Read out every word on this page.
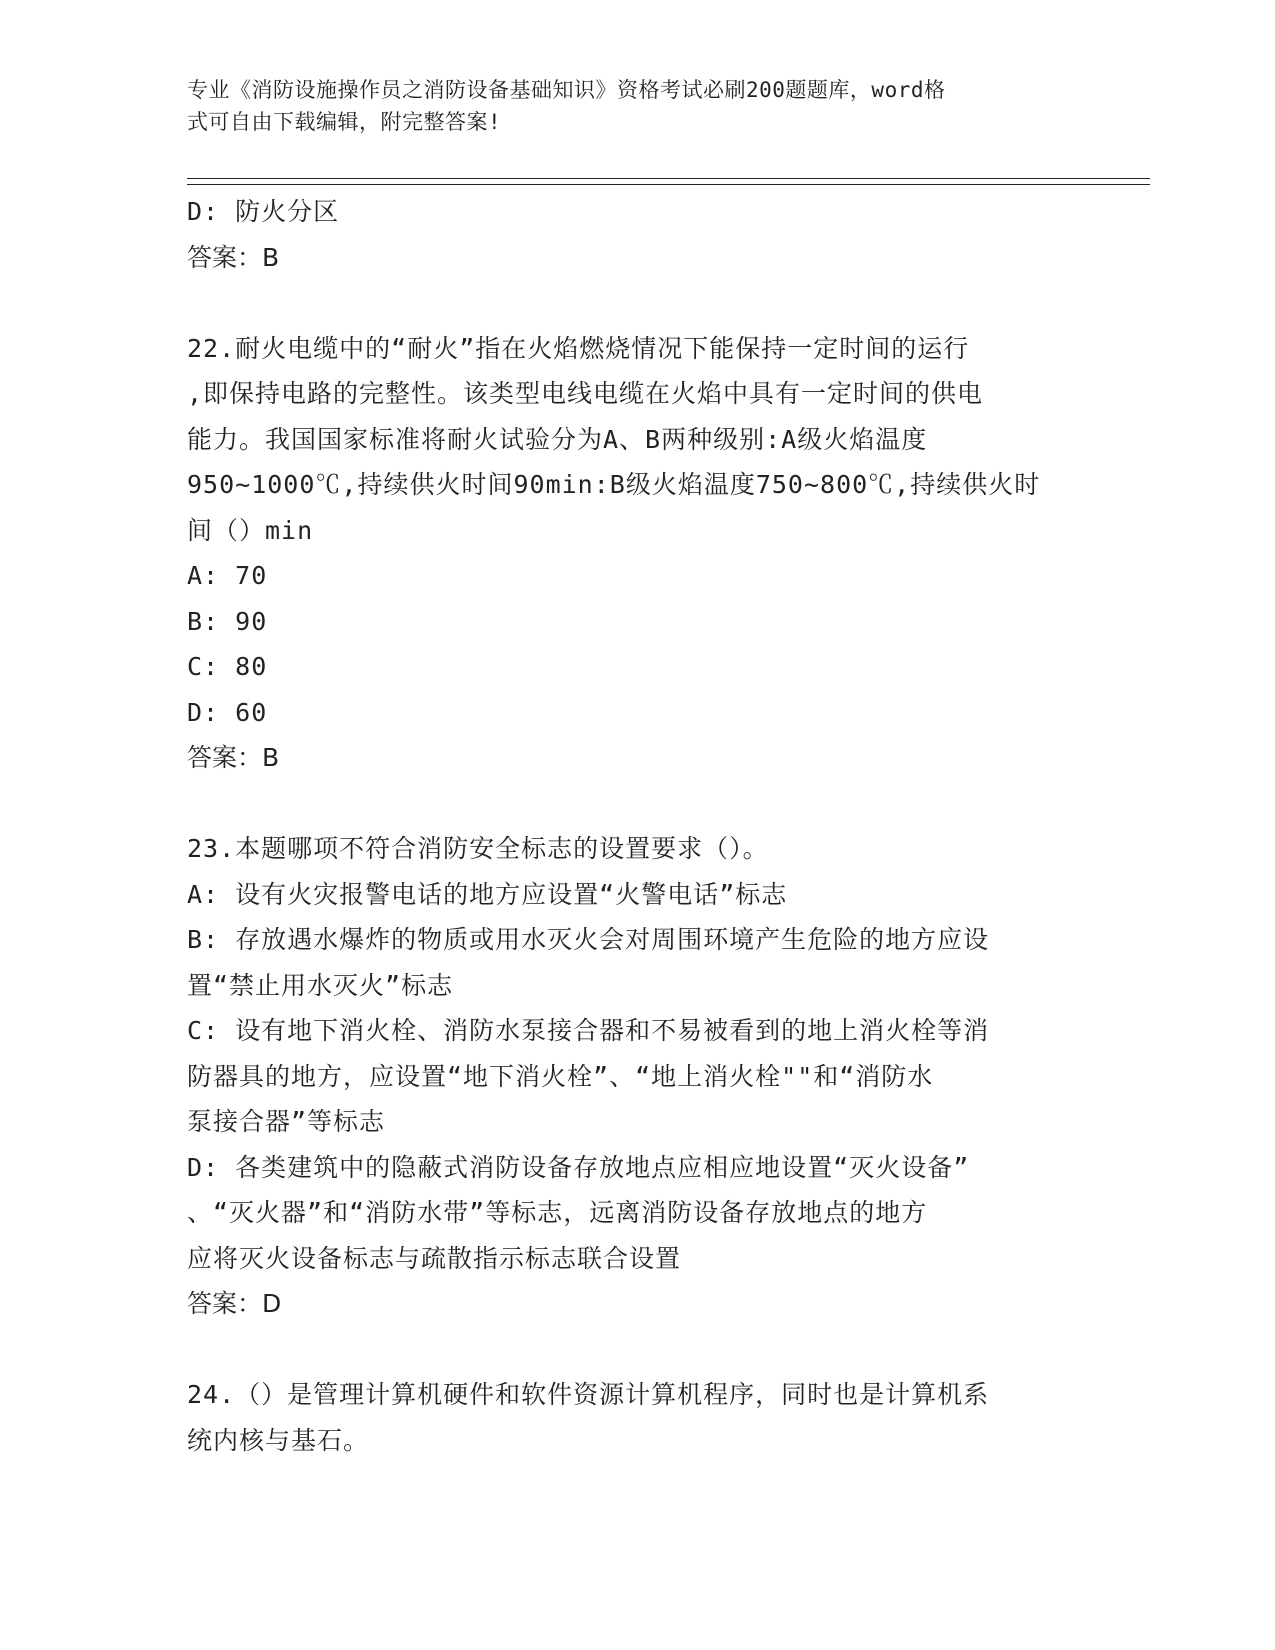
专业《消防设施操作员之消防设备基础知识》资格考试必刷200题题库，word格
式可自由下载编辑，附完整答案!

D: 防火分区

答案：B

22.耐火电缆中的“耐火”指在火焰燃烧情况下能保持一定时间的运行

,即保持电路的完整性。该类型电线电缆在火焰中具有一定时间的供电

能力。我国国家标准将耐火试验分为A、B两种级别:A级火焰温度

950~1000℃,持续供火时间90min:B级火焰温度750~800℃,持续供火时

间（）min

A: 70

B: 90

C: 80

D: 60

答案：B

23.本题哪项不符合消防安全标志的设置要求（）。

A: 设有火灾报警电话的地方应设置“火警电话”标志

B: 存放遇水爆炸的物质或用水灭火会对周围环境产生危险的地方应设

置“禁止用水灭火”标志

C: 设有地下消火栓、消防水泵接合器和不易被看到的地上消火栓等消

防器具的地方，应设置“地下消火栓”、“地上消火栓""和“消防水

泵接合器”等标志

D: 各类建筑中的隐蔽式消防设备存放地点应相应地设置“灭火设备”

、“灭火器”和“消防水带”等标志，远离消防设备存放地点的地方

应将灭火设备标志与疏散指示标志联合设置

答案：D

24.（）是管理计算机硬件和软件资源计算机程序，同时也是计算机系

统内核与基石。
